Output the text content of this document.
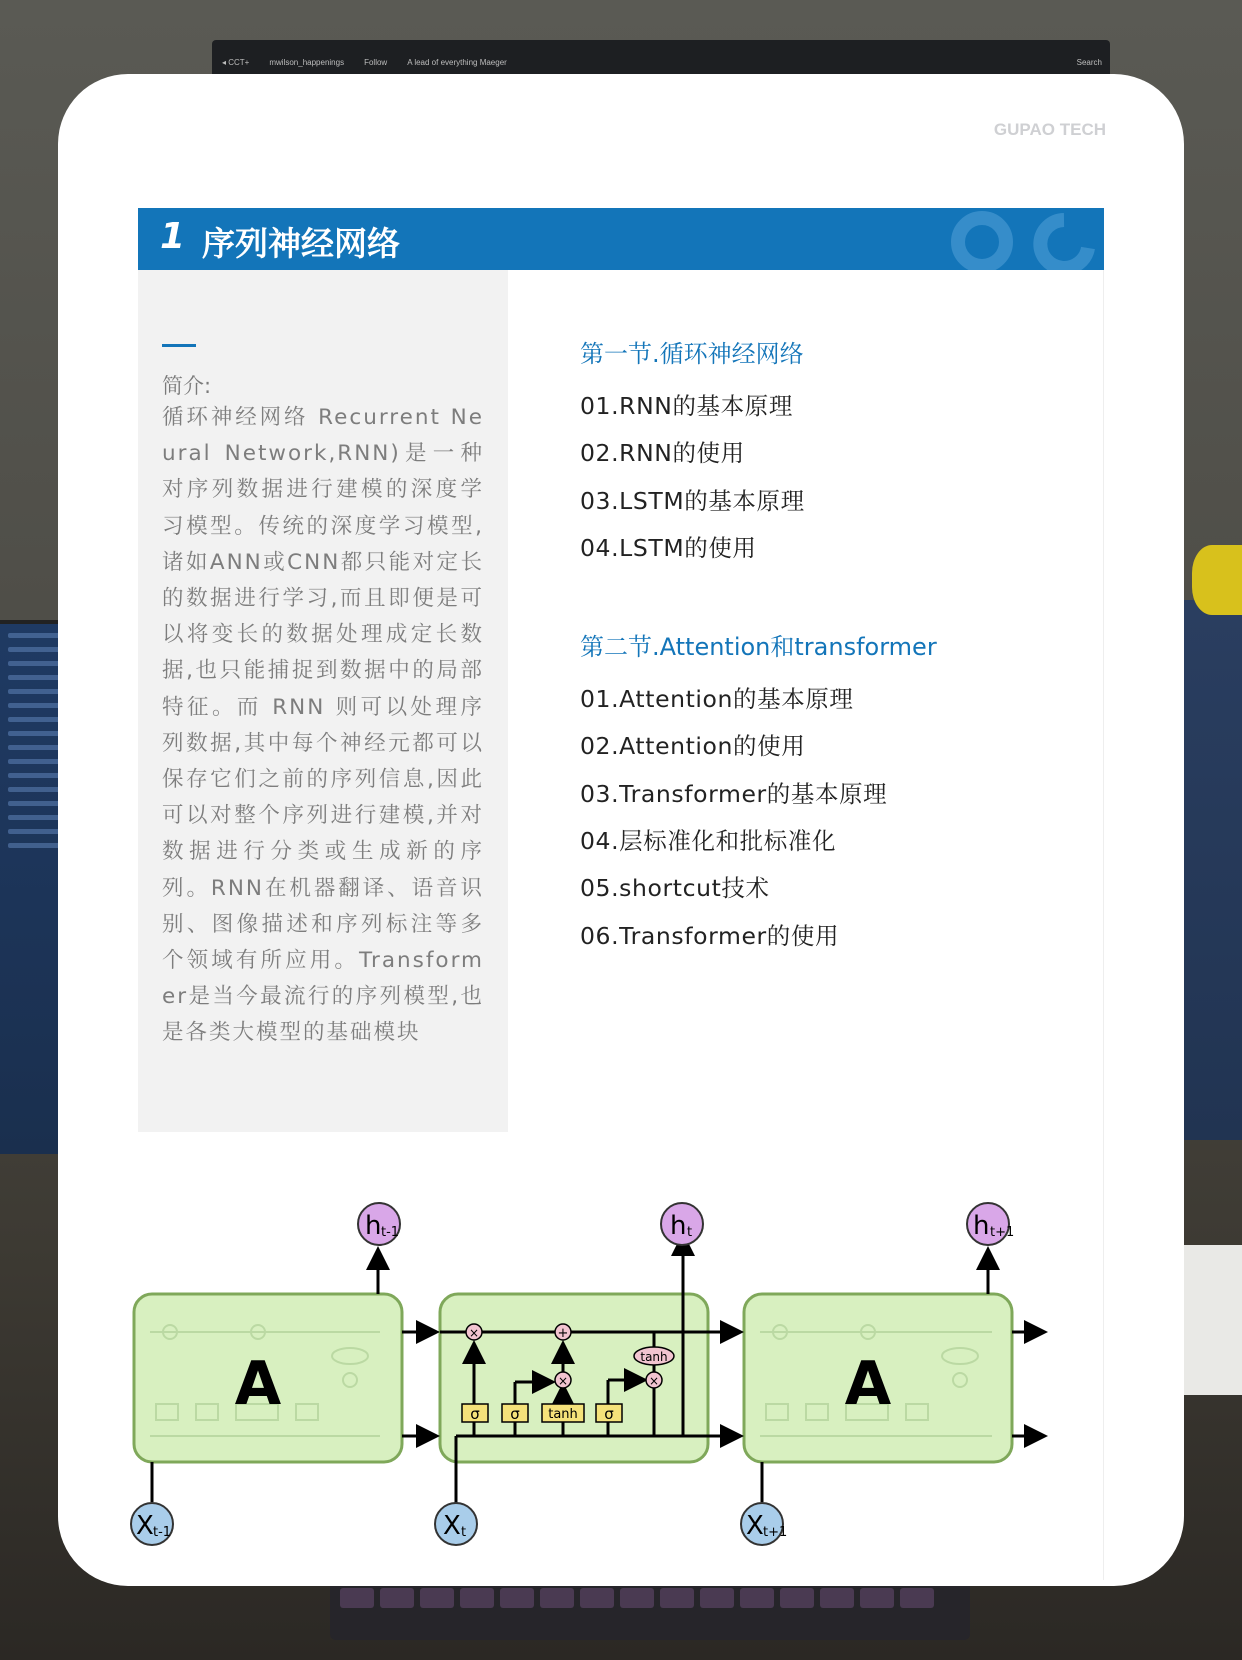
◂ CCT+	mwilson_happenings	Follow	A lead of everything Maeger	Search
GUPAO TECH
1 序列神经网络
简介:
循环神经网络 Recurrent Neural Network,RNN)是一种对序列数据进行建模的深度学习模型。传统的深度学习模型,诸如ANN或CNN都只能对定长的数据进行学习,而且即便是可以将变长的数据处理成定长数据,也只能捕捉到数据中的局部特征。而 RNN 则可以处理序列数据,其中每个神经元都可以保存它们之前的序列信息,因此可以对整个序列进行建模,并对数据进行分类或生成新的序列。RNN在机器翻译、语音识别、图像描述和序列标注等多个领域有所应用。Transformer是当今最流行的序列模型,也是各类大模型的基础模块
第一节.循环神经网络
01.RNN的基本原理
02.RNN的使用
03.LSTM的基本原理
04.LSTM的使用
第二节.Attention和transformer
01.Attention的基本原理
02.Attention的使用
03.Transformer的基本原理
04.层标准化和批标准化
05.shortcut技术
06.Transformer的使用
A	σ σ tanh σ
×	+
×
tanh
×	A
h t-1	h t	h t+1
X t-1	X t	X t+1
